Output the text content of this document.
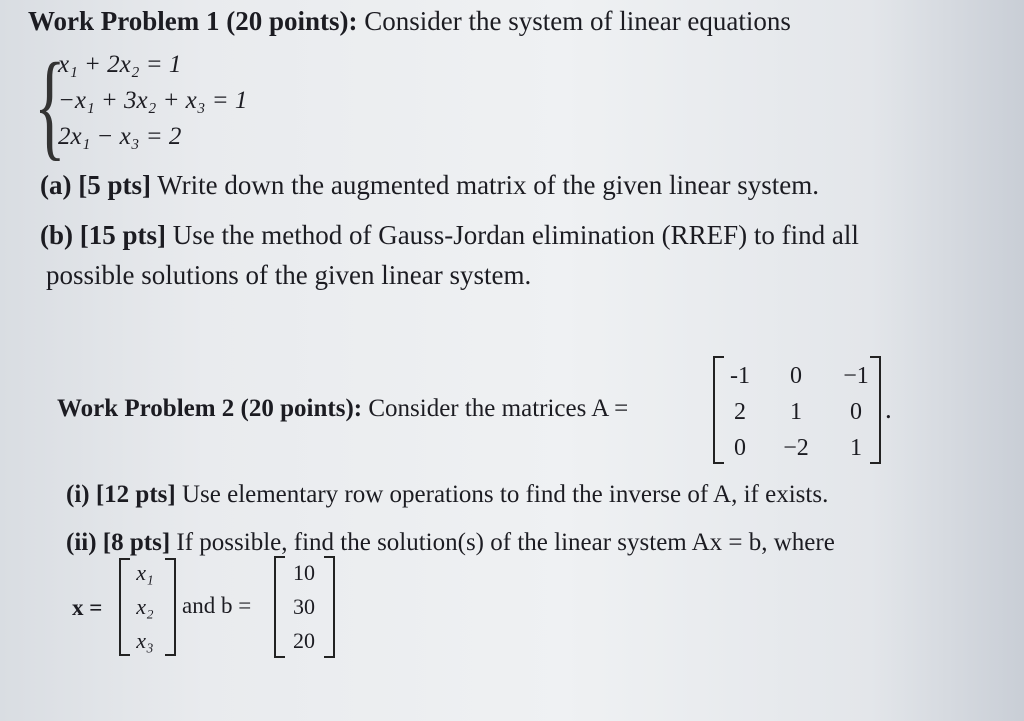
Work Problem 1 (20 points): Consider the system of linear equations
{
x₁ + 2x₂ = 1
−x₁ + 3x₂ + x₃ = 1
2x₁ − x₃ = 2
(a) [5 pts] Write down the augmented matrix of the given linear system.
(b) [15 pts] Use the method of Gauss-Jordan elimination (RREF) to find all
possible solutions of the given linear system.
Work Problem 2 (20 points): Consider the matrices A =
-1	0	−1
2	1	0
0	−2	1
.
(i) [12 pts] Use elementary row operations to find the inverse of A, if exists.
(ii) [8 pts] If possible, find the solution(s) of the linear system Ax = b, where
x =
x₁
x₂
x₃
and b =
10
30
20
